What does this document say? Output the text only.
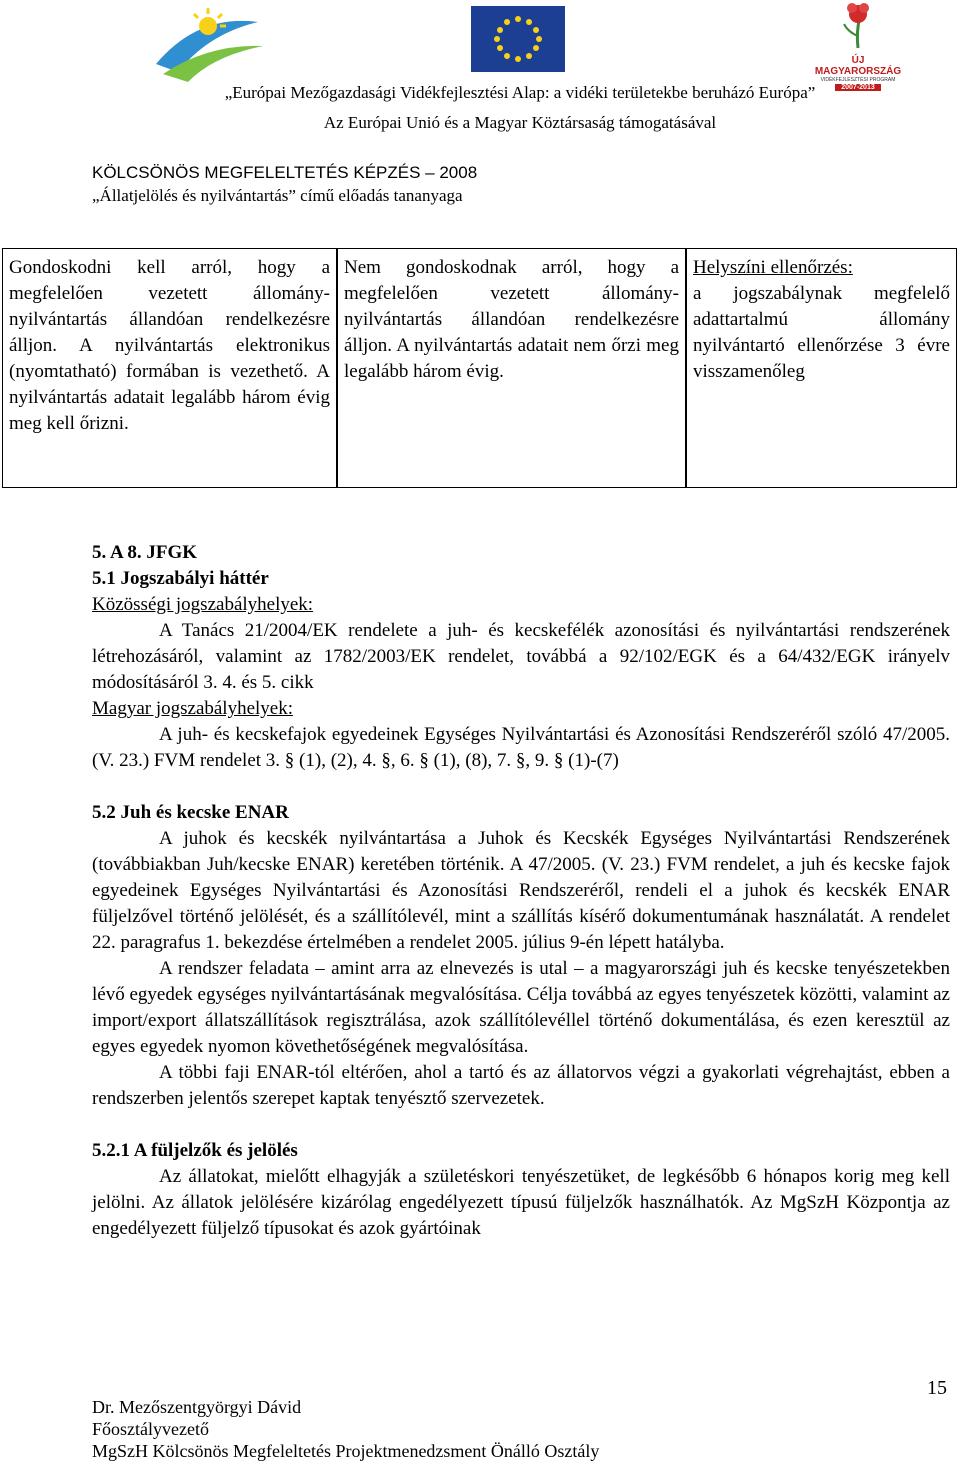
ÚJ MAGYARORSZÁG
VIDÉKFEJLESZTÉSI PROGRAM
2007-2013
„Európai Mezőgazdasági Vidékfejlesztési Alap: a vidéki területekbe beruházó Európa”
Az Európai Unió és a Magyar Köztársaság támogatásával
KÖLCSÖNÖS MEGFELELTETÉS KÉPZÉS – 2008
„Állatjelölés és nyilvántartás” című előadás tananyaga
Gondoskodni kell arról, hogy a megfelelően vezetett állomány-nyilvántartás állandóan rendelkezésre álljon. A nyilvántartás elektronikus (nyomtatható) formában is vezethető. A nyilvántartás adatait legalább három évig meg kell őrizni.
Nem gondoskodnak arról, hogy a megfelelően vezetett állomány-nyilvántartás állandóan rendelkezésre álljon. A nyilvántartás adatait nem őrzi meg legalább három évig.
Helyszíni ellenőrzés:
a jogszabálynak megfelelő adattartalmú állomány nyilvántartó ellenőrzése 3 évre visszamenőleg

5. A 8. JFGK

5.1 Jogszabályi háttér

Közösségi jogszabályhelyek:

A Tanács 21/2004/EK rendelete a juh- és kecskefélék azonosítási és nyilvántartási rendszerének létrehozásáról, valamint az 1782/2003/EK rendelet, továbbá a 92/102/EGK és a 64/432/EGK irányelv módosításáról 3. 4. és 5. cikk

Magyar jogszabályhelyek:

A juh- és kecskefajok egyedeinek Egységes Nyilvántartási és Azonosítási Rendszeréről szóló 47/2005. (V. 23.) FVM rendelet 3. § (1), (2), 4. §, 6. § (1), (8), 7. §, 9. § (1)-(7)

5.2 Juh és kecske ENAR

A juhok és kecskék nyilvántartása a Juhok és Kecskék Egységes Nyilvántartási Rendszerének (továbbiakban Juh/kecske ENAR) keretében történik. A 47/2005. (V. 23.) FVM rendelet, a juh és kecske fajok egyedeinek Egységes Nyilvántartási és Azonosítási Rendszeréről, rendeli el a juhok és kecskék ENAR füljelzővel történő jelölését, és a szállítólevél, mint a szállítás kísérő dokumentumának használatát. A rendelet 22. paragrafus 1. bekezdése értelmében a rendelet 2005. július 9-én lépett hatályba.

A rendszer feladata – amint arra az elnevezés is utal – a magyarországi juh és kecske tenyészetekben lévő egyedek egységes nyilvántartásának megvalósítása. Célja továbbá az egyes tenyészetek közötti, valamint az import/export állatszállítások regisztrálása, azok szállítólevéllel történő dokumentálása, és ezen keresztül az egyes egyedek nyomon követhetőségének megvalósítása.

A többi faji ENAR-tól eltérően, ahol a tartó és az állatorvos végzi a gyakorlati végrehajtást, ebben a rendszerben jelentős szerepet kaptak tenyésztő szervezetek.

5.2.1 A füljelzők és jelölés

Az állatokat, mielőtt elhagyják a születéskori tenyészetüket, de legkésőbb 6 hónapos korig meg kell jelölni. Az állatok jelölésére kizárólag engedélyezett típusú füljelzők használhatók. Az MgSzH Központja az engedélyezett füljelző típusokat és azok gyártóinak

15
Dr. Mezőszentgyörgyi Dávid
Főosztályvezető
MgSzH Kölcsönös Megfeleltetés Projektmenedzsment Önálló Osztály
